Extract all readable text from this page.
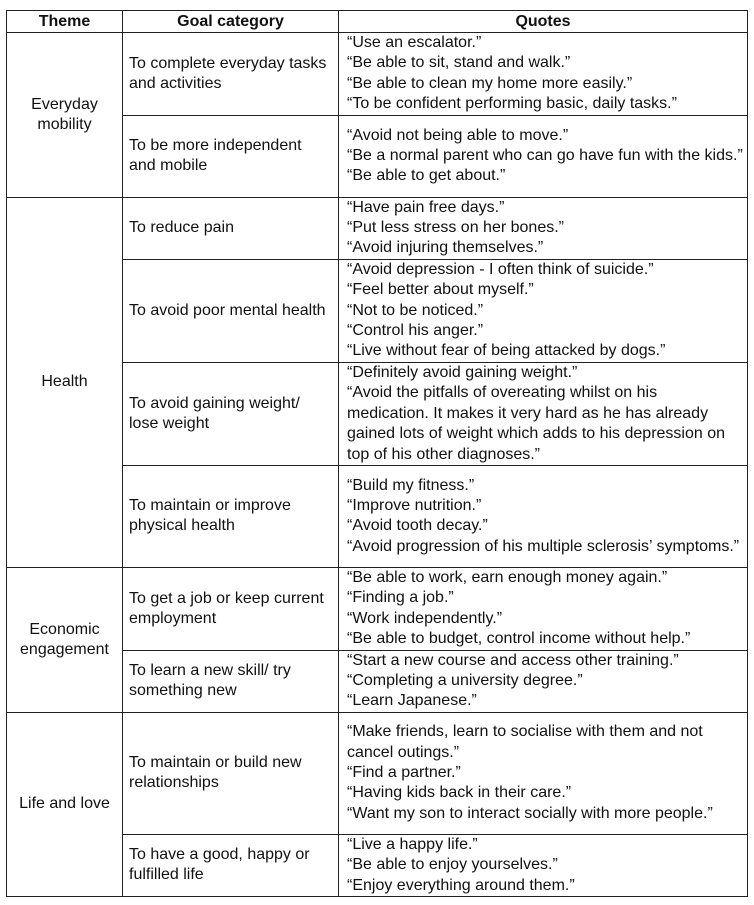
Theme	Goal category	Quotes

Everyday mobility	To complete everyday tasks and activities	“Use an escalator.”
“Be able to sit, stand and walk.”
“Be able to clean my home more easily.”
“To be confident performing basic, daily tasks.”

	To be more independent and mobile	“Avoid not being able to move.”
“Be a normal parent who can go have fun with the kids.”
“Be able to get about.”

Health	To reduce pain	“Have pain free days.”
“Put less stress on her bones.”
“Avoid injuring themselves.”

	To avoid poor mental health	“Avoid depression - I often think of suicide.”
“Feel better about myself.”
“Not to be noticed.”
“Control his anger.”
“Live without fear of being attacked by dogs.”

	To avoid gaining weight/ lose weight	“Definitely avoid gaining weight.”
“Avoid the pitfalls of overeating whilst on his medication. It makes it very hard as he has already gained lots of weight which adds to his depression on top of his other diagnoses.”

	To maintain or improve physical health	“Build my fitness.”
“Improve nutrition.”
“Avoid tooth decay.”
“Avoid progression of his multiple sclerosis’ symptoms.”

Economic engagement	To get a job or keep current employment	“Be able to work, earn enough money again.”
“Finding a job.”
“Work independently.”
“Be able to budget, control income without help.”

	To learn a new skill/ try something new	“Start a new course and access other training.”
“Completing a university degree.”
“Learn Japanese.”

Life and love	To maintain or build new relationships	“Make friends, learn to socialise with them and not cancel outings.”
“Find a partner.”
“Having kids back in their care.”
“Want my son to interact socially with more people.”

	To have a good, happy or fulfilled life	“Live a happy life.”
“Be able to enjoy yourselves.”
“Enjoy everything around them.”
